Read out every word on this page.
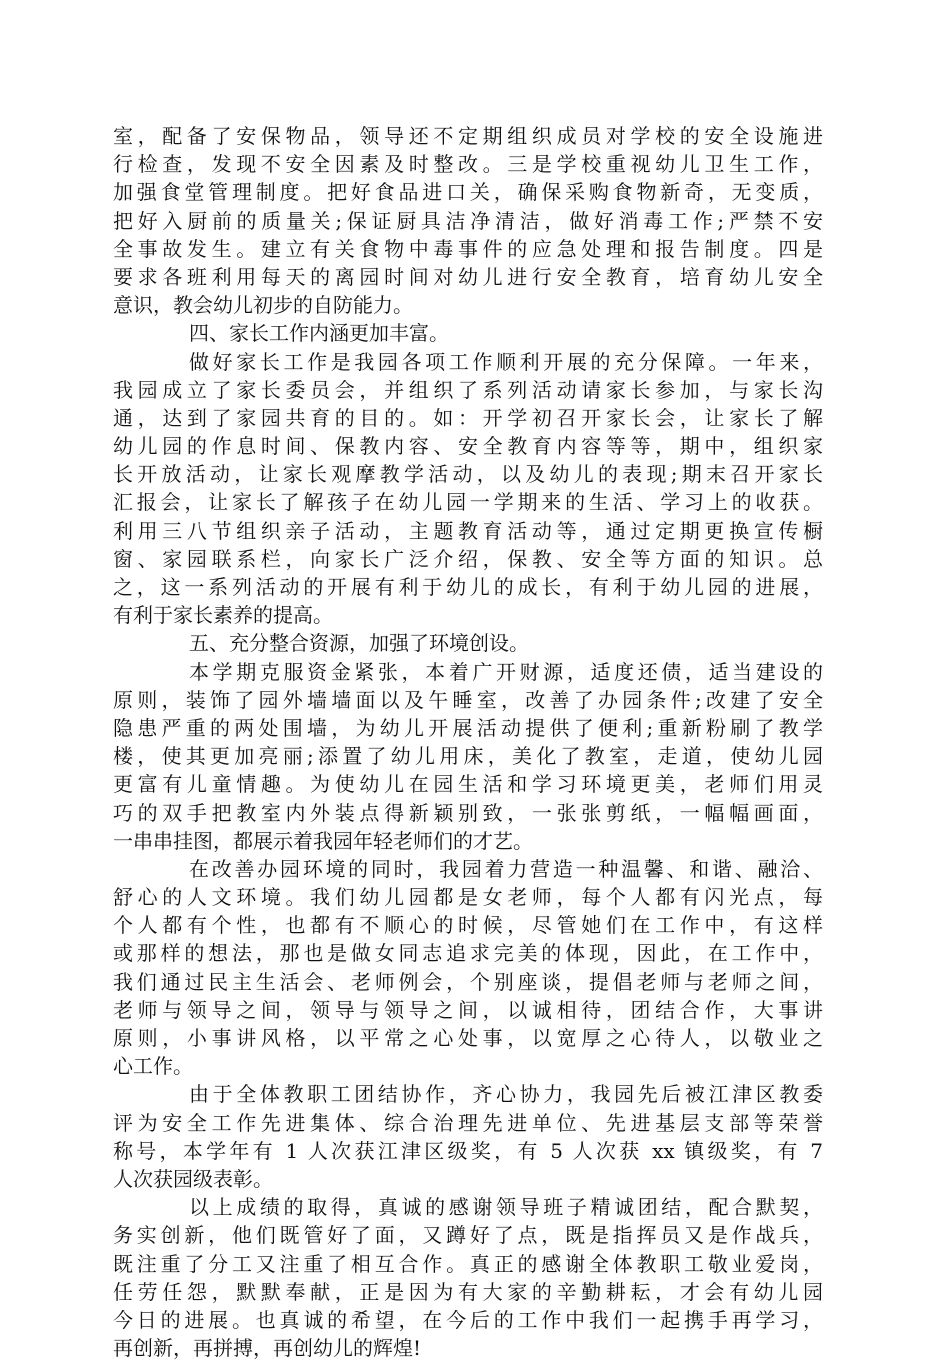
室，配备了安保物品，领导还不定期组织成员对学校的安全设施进
行检查，发现不安全因素及时整改。三是学校重视幼儿卫生工作，
加强食堂管理制度。把好食品进口关，确保采购食物新奇，无变质，
把好入厨前的质量关;保证厨具洁净清洁，做好消毒工作;严禁不安
全事故发生。建立有关食物中毒事件的应急处理和报告制度。四是
要求各班利用每天的离园时间对幼儿进行安全教育，培育幼儿安全
意识，教会幼儿初步的自防能力。
四、家长工作内涵更加丰富。
做好家长工作是我园各项工作顺利开展的充分保障。一年来，
我园成立了家长委员会，并组织了系列活动请家长参加，与家长沟
通，达到了家园共育的目的。如：开学初召开家长会，让家长了解
幼儿园的作息时间、保教内容、安全教育内容等等，期中，组织家
长开放活动，让家长观摩教学活动，以及幼儿的表现;期末召开家长
汇报会，让家长了解孩子在幼儿园一学期来的生活、学习上的收获。
利用三八节组织亲子活动，主题教育活动等，通过定期更换宣传橱
窗、家园联系栏，向家长广泛介绍，保教、安全等方面的知识。总
之，这一系列活动的开展有利于幼儿的成长，有利于幼儿园的进展，
有利于家长素养的提高。
五、充分整合资源，加强了环境创设。
本学期克服资金紧张，本着广开财源，适度还债，适当建设的
原则，装饰了园外墙墙面以及午睡室，改善了办园条件;改建了安全
隐患严重的两处围墙，为幼儿开展活动提供了便利;重新粉刷了教学
楼，使其更加亮丽;添置了幼儿用床，美化了教室，走道，使幼儿园
更富有儿童情趣。为使幼儿在园生活和学习环境更美，老师们用灵
巧的双手把教室内外装点得新颖别致，一张张剪纸，一幅幅画面，
一串串挂图，都展示着我园年轻老师们的才艺。
在改善办园环境的同时，我园着力营造一种温馨、和谐、融洽、
舒心的人文环境。我们幼儿园都是女老师，每个人都有闪光点，每
个人都有个性，也都有不顺心的时候，尽管她们在工作中，有这样
或那样的想法，那也是做女同志追求完美的体现，因此，在工作中，
我们通过民主生活会、老师例会，个别座谈，提倡老师与老师之间，
老师与领导之间，领导与领导之间，以诚相待，团结合作，大事讲
原则，小事讲风格，以平常之心处事，以宽厚之心待人，以敬业之
心工作。
由于全体教职工团结协作，齐心协力，我园先后被江津区教委
评为安全工作先进集体、综合治理先进单位、先进基层支部等荣誉
称号，本学年有 1 人次获江津区级奖，有 5 人次获 xx 镇级奖，有 7
人次获园级表彰。
以上成绩的取得，真诚的感谢领导班子精诚团结，配合默契，
务实创新，他们既管好了面，又蹲好了点，既是指挥员又是作战兵，
既注重了分工又注重了相互合作。真正的感谢全体教职工敬业爱岗，
任劳任怨，默默奉献，正是因为有大家的辛勤耕耘，才会有幼儿园
今日的进展。也真诚的希望，在今后的工作中我们一起携手再学习，
再创新，再拼搏，再创幼儿的辉煌!
